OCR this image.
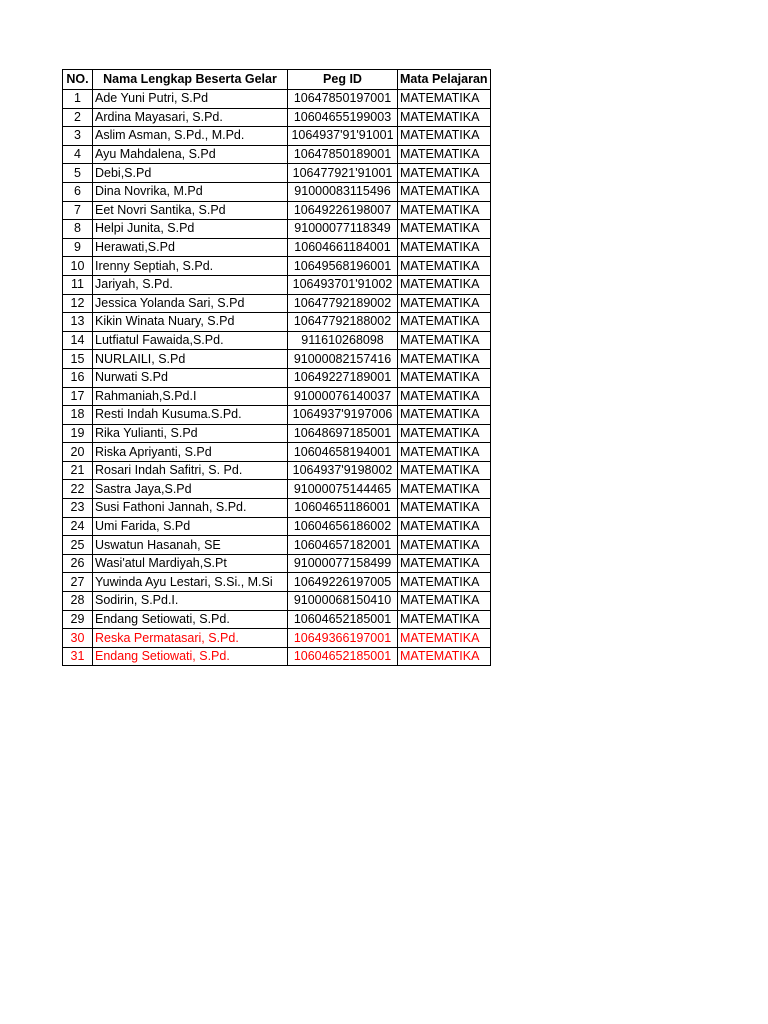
NO.	Nama Lengkap Beserta Gelar	Peg ID	Mata Pelajaran
1	Ade Yuni Putri, S.Pd	10647850197001	MATEMATIKA
2	Ardina Mayasari, S.Pd.	10604655199003	MATEMATIKA
3	Aslim Asman, S.Pd., M.Pd.	1064937'91'91001	MATEMATIKA
4	Ayu Mahdalena, S.Pd	10647850189001	MATEMATIKA
5	Debi,S.Pd	106477921'91001	MATEMATIKA
6	Dina Novrika, M.Pd	91000083115496	MATEMATIKA
7	Eet Novri Santika, S.Pd	10649226198007	MATEMATIKA
8	Helpi Junita, S.Pd	91000077118349	MATEMATIKA
9	Herawati,S.Pd	10604661184001	MATEMATIKA
10	Irenny Septiah, S.Pd.	10649568196001	MATEMATIKA
11	Jariyah, S.Pd.	106493701'91002	MATEMATIKA
12	Jessica Yolanda Sari, S.Pd	10647792189002	MATEMATIKA
13	Kikin Winata Nuary, S.Pd	10647792188002	MATEMATIKA
14	Lutfiatul Fawaida,S.Pd.	911610268098	MATEMATIKA
15	NURLAILI, S.Pd	91000082157416	MATEMATIKA
16	Nurwati S.Pd	10649227189001	MATEMATIKA
17	Rahmaniah,S.Pd.I	91000076140037	MATEMATIKA
18	Resti Indah Kusuma.S.Pd.	1064937'9197006	MATEMATIKA
19	Rika Yulianti, S.Pd	10648697185001	MATEMATIKA
20	Riska Apriyanti, S.Pd	10604658194001	MATEMATIKA
21	Rosari Indah Safitri, S. Pd.	1064937'9198002	MATEMATIKA
22	Sastra Jaya,S.Pd	91000075144465	MATEMATIKA
23	Susi Fathoni Jannah, S.Pd.	10604651186001	MATEMATIKA
24	Umi Farida, S.Pd	10604656186002	MATEMATIKA
25	Uswatun Hasanah, SE	10604657182001	MATEMATIKA
26	Wasi'atul Mardiyah,S.Pt	91000077158499	MATEMATIKA
27	Yuwinda Ayu Lestari, S.Si., M.Si	10649226197005	MATEMATIKA
28	Sodirin, S.Pd.I.	91000068150410	MATEMATIKA
29	Endang Setiowati, S.Pd.	10604652185001	MATEMATIKA
30	Reska Permatasari, S.Pd.	10649366197001	MATEMATIKA
31	Endang Setiowati, S.Pd.	10604652185001	MATEMATIKA
